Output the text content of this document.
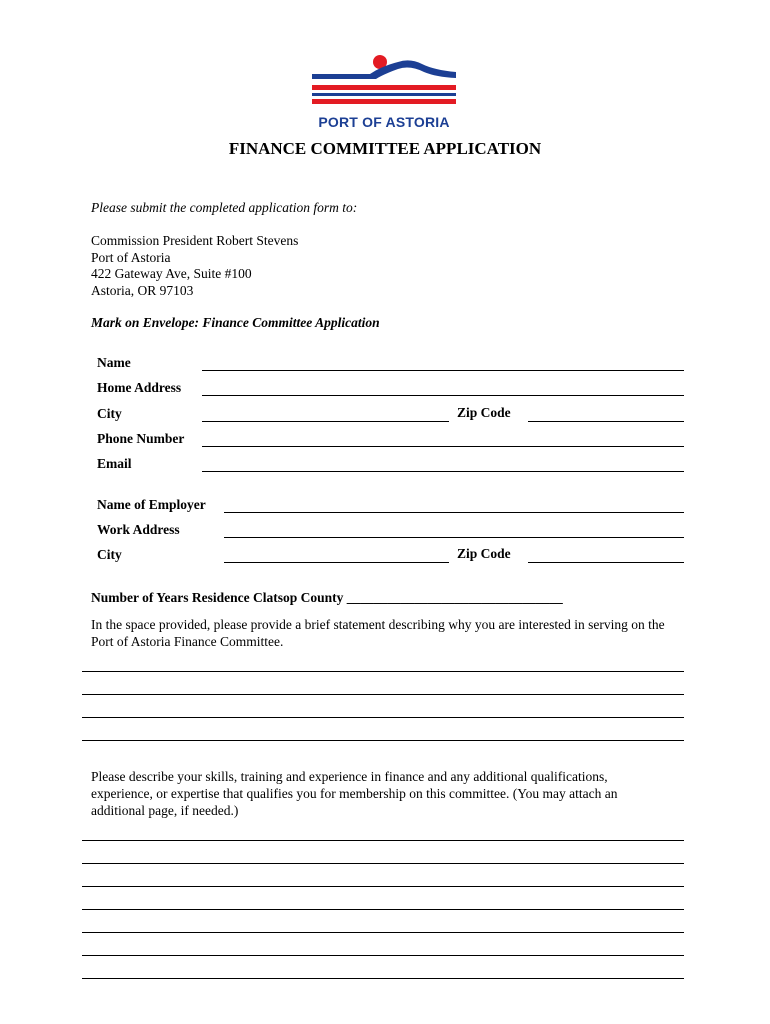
PORT OF ASTORIA
FINANCE COMMITTEE APPLICATION
Please submit the completed application form to:
Commission President Robert Stevens
Port of Astoria
422 Gateway Ave, Suite #100
Astoria, OR 97103
Mark on Envelope: Finance Committee Application
Name
Home Address
City	Zip Code
Phone Number
Email
Name of Employer
Work Address
City	Zip Code
Number of Years Residence Clatsop County ________________________________
In the space provided, please provide a brief statement describing why you are interested in serving on the Port of Astoria Finance Committee.
Please describe your skills, training and experience in finance and any additional qualifications, experience, or expertise that qualifies you for membership on this committee. (You may attach an additional page, if needed.)
